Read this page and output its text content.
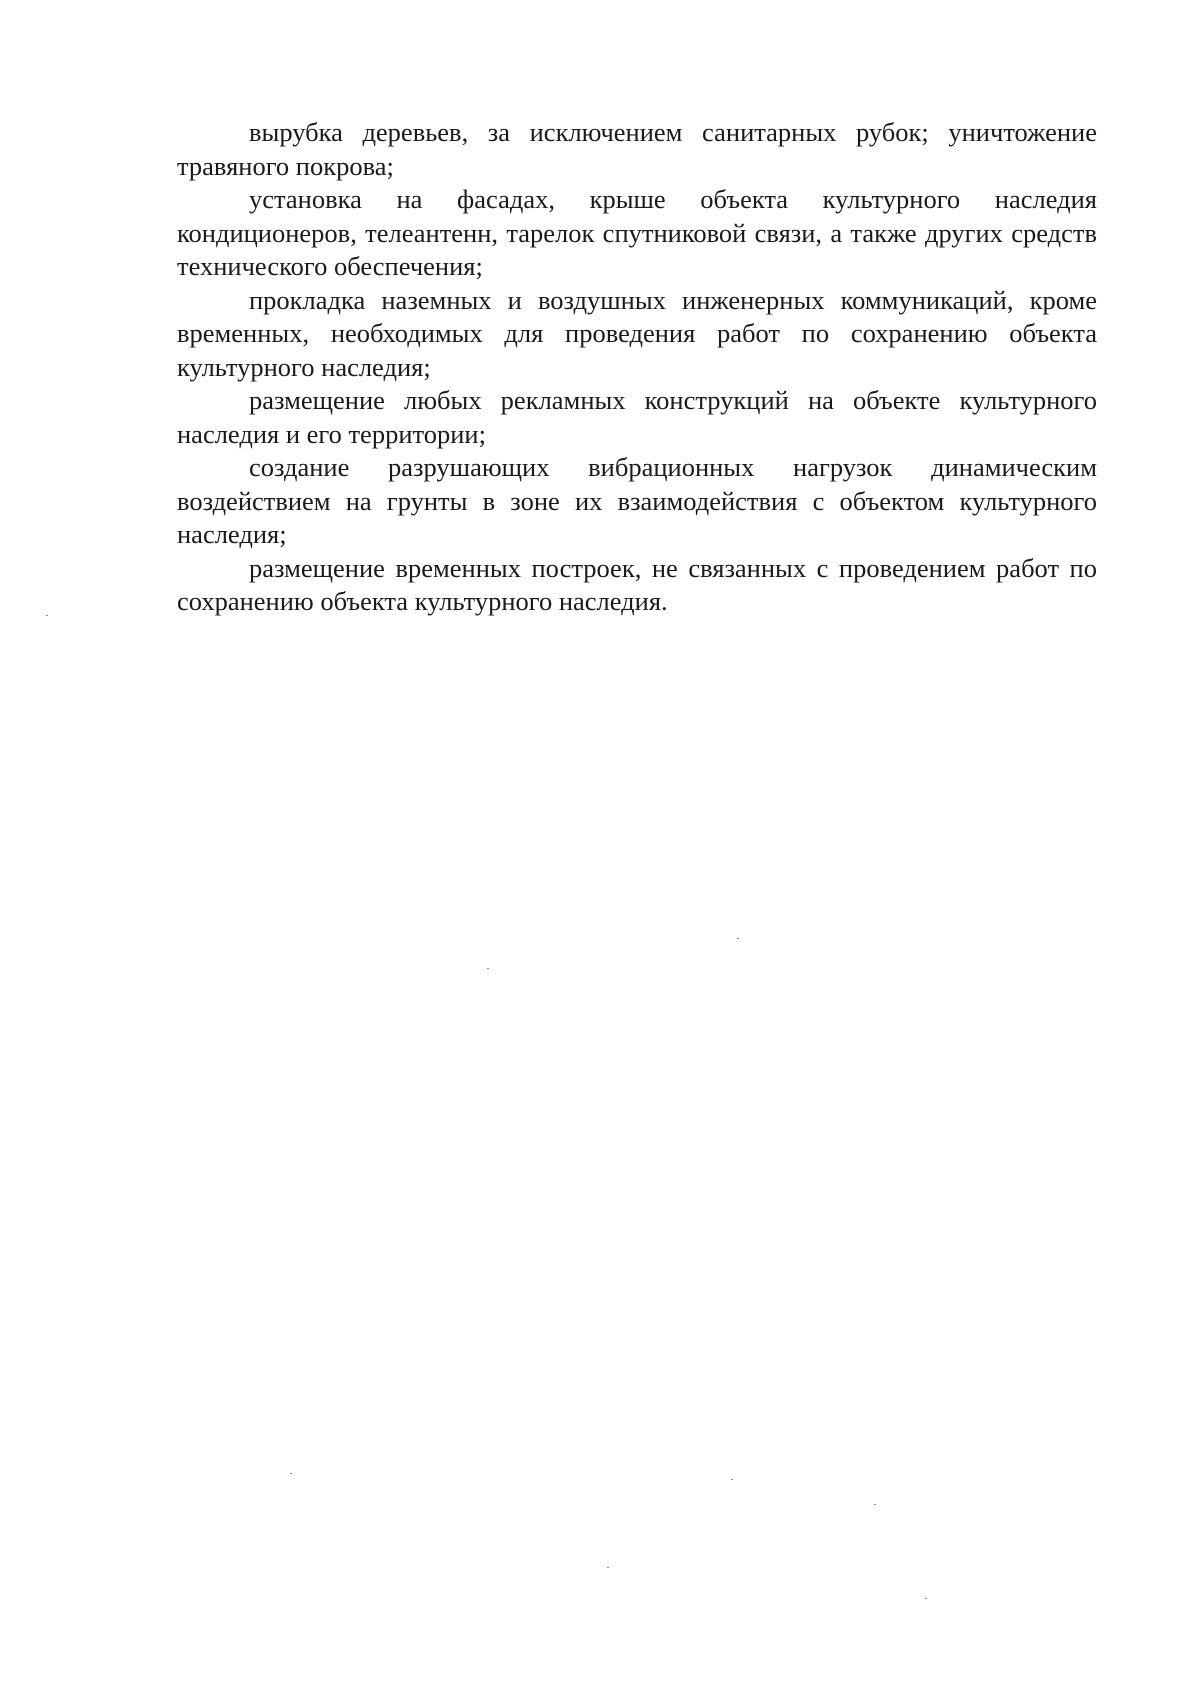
вырубка деревьев, за исключением санитарных рубок; уничтожение травяного покрова;

установка на фасадах, крыше объекта культурного наследия кондиционеров, телеантенн, тарелок спутниковой связи, а также других средств технического обеспечения;

прокладка наземных и воздушных инженерных коммуникаций, кроме временных, необходимых для проведения работ по сохранению объекта культурного наследия;

размещение любых рекламных конструкций на объекте культурного наследия и его территории;

создание разрушающих вибрационных нагрузок динамическим воздействием на грунты в зоне их взаимодействия с объектом культурного наследия;

размещение временных построек, не связанных с проведением работ по сохранению объекта культурного наследия.
